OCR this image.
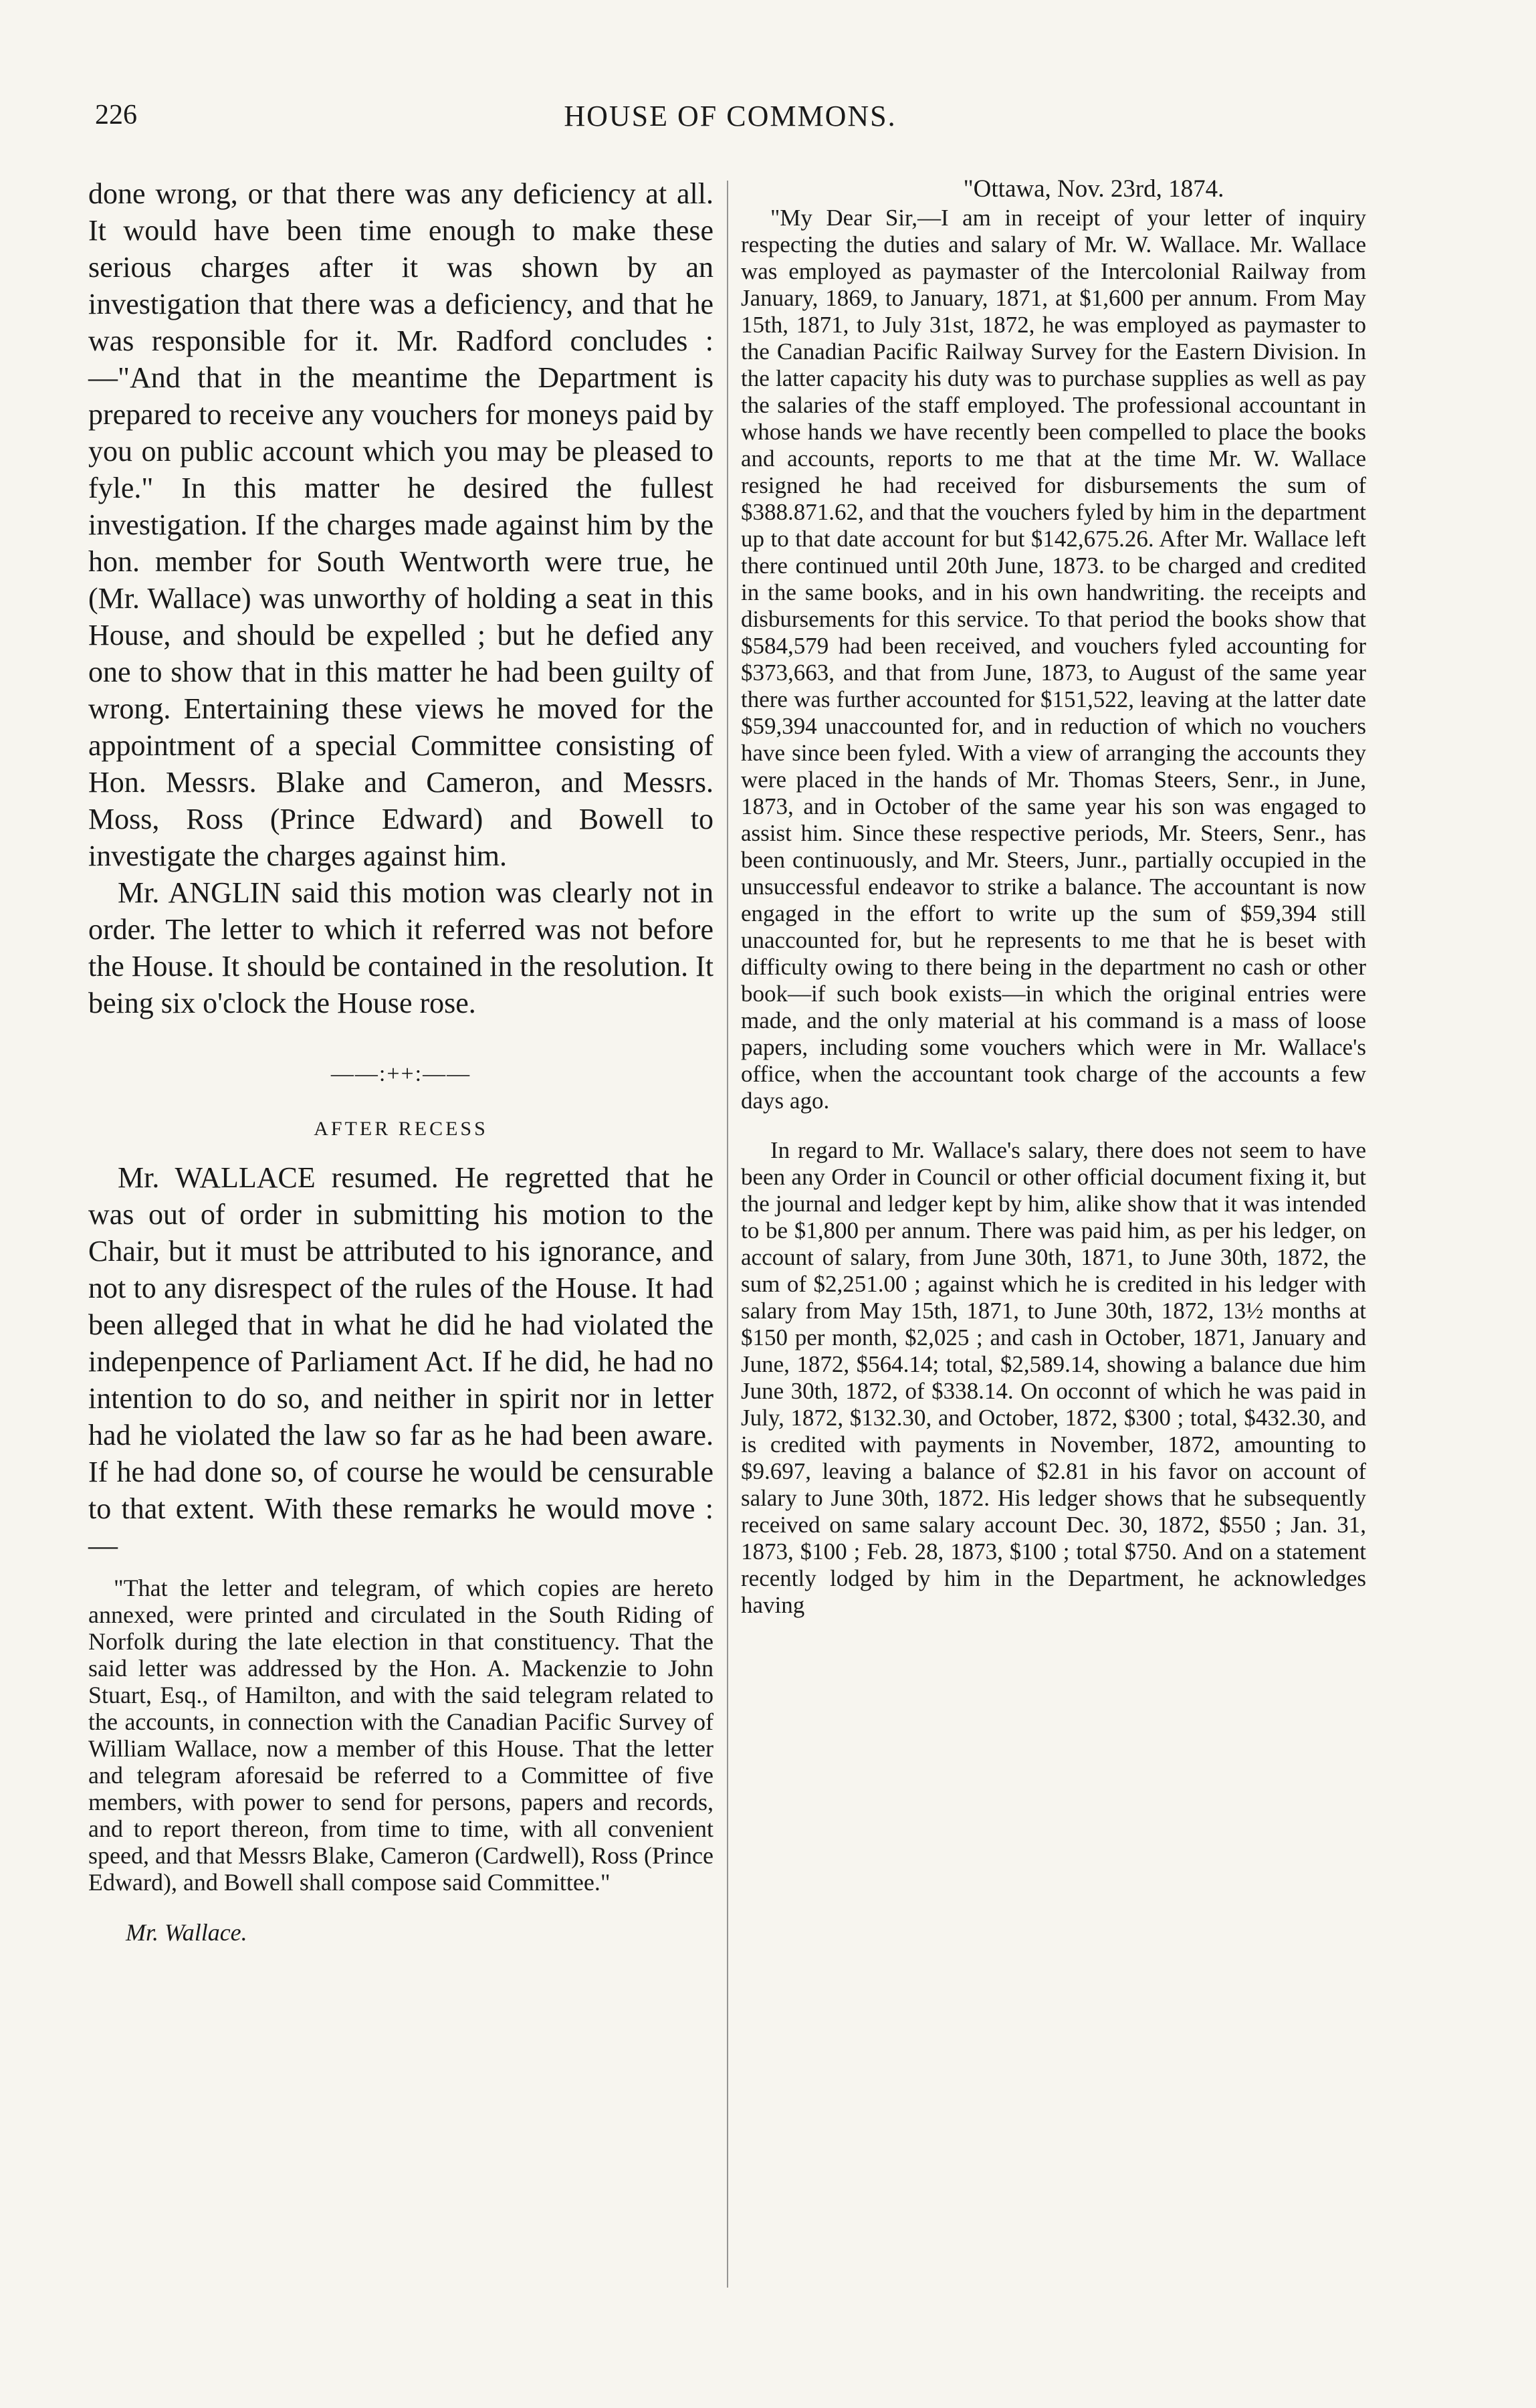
226	HOUSE OF COMMONS.

done wrong, or that there was any deficiency at all. It would have been time enough to make these serious charges after it was shown by an investigation that there was a deficiency, and that he was responsible for it. Mr. Radford concludes :—"And that in the meantime the Department is prepared to receive any vouchers for moneys paid by you on public account which you may be pleased to fyle." In this matter he desired the fullest investigation. If the charges made against him by the hon. member for South Wentworth were true, he (Mr. Wallace) was unworthy of holding a seat in this House, and should be expelled ; but he defied any one to show that in this matter he had been guilty of wrong. Entertaining these views he moved for the appointment of a special Committee consisting of Hon. Messrs. Blake and Cameron, and Messrs. Moss, Ross (Prince Edward) and Bowell to investigate the charges against him.

Mr. ANGLIN said this motion was clearly not in order. The letter to which it referred was not before the House. It should be contained in the resolution. It being six o'clock the House rose.

——:++:——
AFTER RECESS

Mr. WALLACE resumed. He regretted that he was out of order in submitting his motion to the Chair, but it must be attributed to his ignorance, and not to any disrespect of the rules of the House. It had been alleged that in what he did he had violated the indepenpence of Parliament Act. If he did, he had no intention to do so, and neither in spirit nor in letter had he violated the law so far as he had been aware. If he had done so, of course he would be censurable to that extent. With these remarks he would move :—

"That the letter and telegram, of which copies are hereto annexed, were printed and circulated in the South Riding of Norfolk during the late election in that constituency. That the said letter was addressed by the Hon. A. Mackenzie to John Stuart, Esq., of Hamilton, and with the said telegram related to the accounts, in connection with the Canadian Pacific Survey of William Wallace, now a member of this House. That the letter and telegram aforesaid be referred to a Committee of five members, with power to send for persons, papers and records, and to report thereon, from time to time, with all convenient speed, and that Messrs Blake, Cameron (Cardwell), Ross (Prince Edward), and Bowell shall compose said Committee."

Mr. Wallace.
"Ottawa, Nov. 23rd, 1874.

"My Dear Sir,—I am in receipt of your letter of inquiry respecting the duties and salary of Mr. W. Wallace. Mr. Wallace was employed as paymaster of the Intercolonial Railway from January, 1869, to January, 1871, at $1,600 per annum. From May 15th, 1871, to July 31st, 1872, he was employed as paymaster to the Canadian Pacific Railway Survey for the Eastern Division. In the latter capacity his duty was to purchase supplies as well as pay the salaries of the staff employed. The professional accountant in whose hands we have recently been compelled to place the books and accounts, reports to me that at the time Mr. W. Wallace resigned he had received for disbursements the sum of $388.871.62, and that the vouchers fyled by him in the department up to that date account for but $142,675.26. After Mr. Wallace left there continued until 20th June, 1873. to be charged and credited in the same books, and in his own handwriting. the receipts and disbursements for this service. To that period the books show that $584,579 had been received, and vouchers fyled accounting for $373,663, and that from June, 1873, to August of the same year there was further accounted for $151,522, leaving at the latter date $59,394 unaccounted for, and in reduction of which no vouchers have since been fyled. With a view of arranging the accounts they were placed in the hands of Mr. Thomas Steers, Senr., in June, 1873, and in October of the same year his son was engaged to assist him. Since these respective periods, Mr. Steers, Senr., has been continuously, and Mr. Steers, Junr., partially occupied in the unsuccessful endeavor to strike a balance. The accountant is now engaged in the effort to write up the sum of $59,394 still unaccounted for, but he represents to me that he is beset with difficulty owing to there being in the department no cash or other book—if such book exists—in which the original entries were made, and the only material at his command is a mass of loose papers, including some vouchers which were in Mr. Wallace's office, when the accountant took charge of the accounts a few days ago.

In regard to Mr. Wallace's salary, there does not seem to have been any Order in Council or other official document fixing it, but the journal and ledger kept by him, alike show that it was intended to be $1,800 per annum. There was paid him, as per his ledger, on account of salary, from June 30th, 1871, to June 30th, 1872, the sum of $2,251.00 ; against which he is credited in his ledger with salary from May 15th, 1871, to June 30th, 1872, 13½ months at $150 per month, $2,025 ; and cash in October, 1871, January and June, 1872, $564.14; total, $2,589.14, showing a balance due him June 30th, 1872, of $338.14. On occonnt of which he was paid in July, 1872, $132.30, and October, 1872, $300 ; total, $432.30, and is credited with payments in November, 1872, amounting to $9.697, leaving a balance of $2.81 in his favor on account of salary to June 30th, 1872. His ledger shows that he subsequently received on same salary account Dec. 30, 1872, $550 ; Jan. 31, 1873, $100 ; Feb. 28, 1873, $100 ; total $750. And on a statement recently lodged by him in the Department, he acknowledges having
